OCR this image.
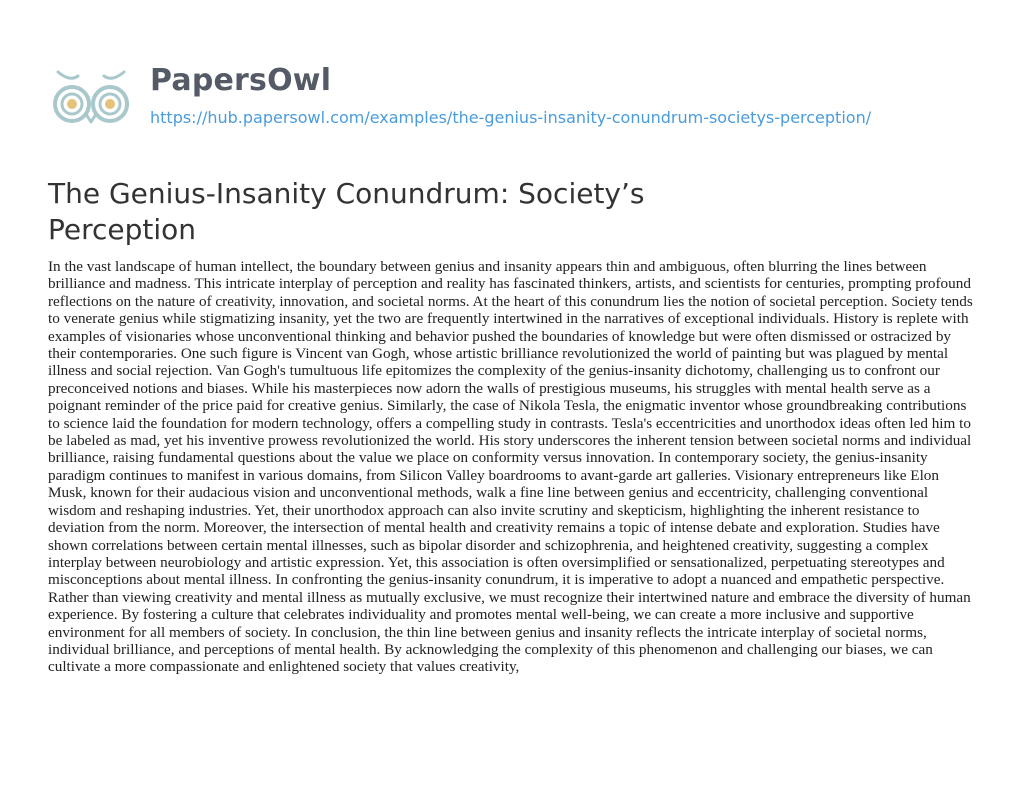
PapersOwl
https://hub.papersowl.com/examples/the-genius-insanity-conundrum-societys-perception/
The Genius-Insanity Conundrum: Society’s Perception

In the vast landscape of human intellect, the boundary between genius and insanity appears thin and ambiguous, often blurring the lines between brilliance and madness. This intricate interplay of perception and reality has fascinated thinkers, artists, and scientists for centuries, prompting profound reflections on the nature of creativity, innovation, and societal norms. At the heart of this conundrum lies the notion of societal perception. Society tends to venerate genius while stigmatizing insanity, yet the two are frequently intertwined in the narratives of exceptional individuals. History is replete with examples of visionaries whose unconventional thinking and behavior pushed the boundaries of knowledge but were often dismissed or ostracized by their contemporaries. One such figure is Vincent van Gogh, whose artistic brilliance revolutionized the world of painting but was plagued by mental illness and social rejection. Van Gogh's tumultuous life epitomizes the complexity of the genius-insanity dichotomy, challenging us to confront our preconceived notions and biases. While his masterpieces now adorn the walls of prestigious museums, his struggles with mental health serve as a poignant reminder of the price paid for creative genius. Similarly, the case of Nikola Tesla, the enigmatic inventor whose groundbreaking contributions to science laid the foundation for modern technology, offers a compelling study in contrasts. Tesla's eccentricities and unorthodox ideas often led him to be labeled as mad, yet his inventive prowess revolutionized the world. His story underscores the inherent tension between societal norms and individual brilliance, raising fundamental questions about the value we place on conformity versus innovation. In contemporary society, the genius-insanity paradigm continues to manifest in various domains, from Silicon Valley boardrooms to avant-garde art galleries. Visionary entrepreneurs like Elon Musk, known for their audacious vision and unconventional methods, walk a fine line between genius and eccentricity, challenging conventional wisdom and reshaping industries. Yet, their unorthodox approach can also invite scrutiny and skepticism, highlighting the inherent resistance to deviation from the norm. Moreover, the intersection of mental health and creativity remains a topic of intense debate and exploration. Studies have shown correlations between certain mental illnesses, such as bipolar disorder and schizophrenia, and heightened creativity, suggesting a complex interplay between neurobiology and artistic expression. Yet, this association is often oversimplified or sensationalized, perpetuating stereotypes and misconceptions about mental illness. In confronting the genius-insanity conundrum, it is imperative to adopt a nuanced and empathetic perspective. Rather than viewing creativity and mental illness as mutually exclusive, we must recognize their intertwined nature and embrace the diversity of human experience. By fostering a culture that celebrates individuality and promotes mental well-being, we can create a more inclusive and supportive environment for all members of society. In conclusion, the thin line between genius and insanity reflects the intricate interplay of societal norms, individual brilliance, and perceptions of mental health. By acknowledging the complexity of this phenomenon and challenging our biases, we can cultivate a more compassionate and enlightened society that values creativity,
